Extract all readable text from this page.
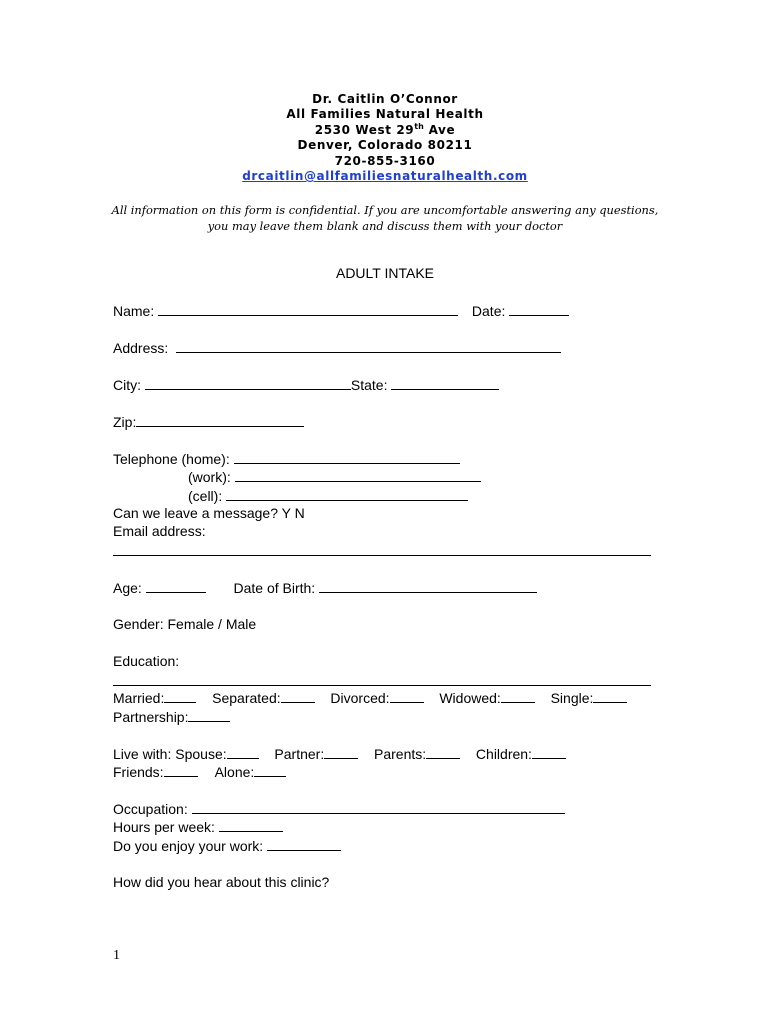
Dr. Caitlin O’Connor
All Families Natural Health
2530 West 29th Ave
Denver, Colorado 80211
720-855-3160
drcaitlin@allfamiliesnaturalhealth.com
All information on this form is confidential. If you are uncomfortable answering any questions,
you may leave them blank and discuss them with your doctor
ADULT INTAKE
Name:	Date:
Address:
City:	State:
Zip:
Telephone (home):
(work):
(cell):
Can we leave a message? Y N
Email address:
Age:	Date of Birth:
Gender: Female / Male
Education:
Married:	Separated:	Divorced:	Widowed:	Single:
Partnership:
Live with: Spouse:	Partner:	Parents:	Children:
Friends:	Alone:
Occupation:
Hours per week:
Do you enjoy your work:
How did you hear about this clinic?
1
